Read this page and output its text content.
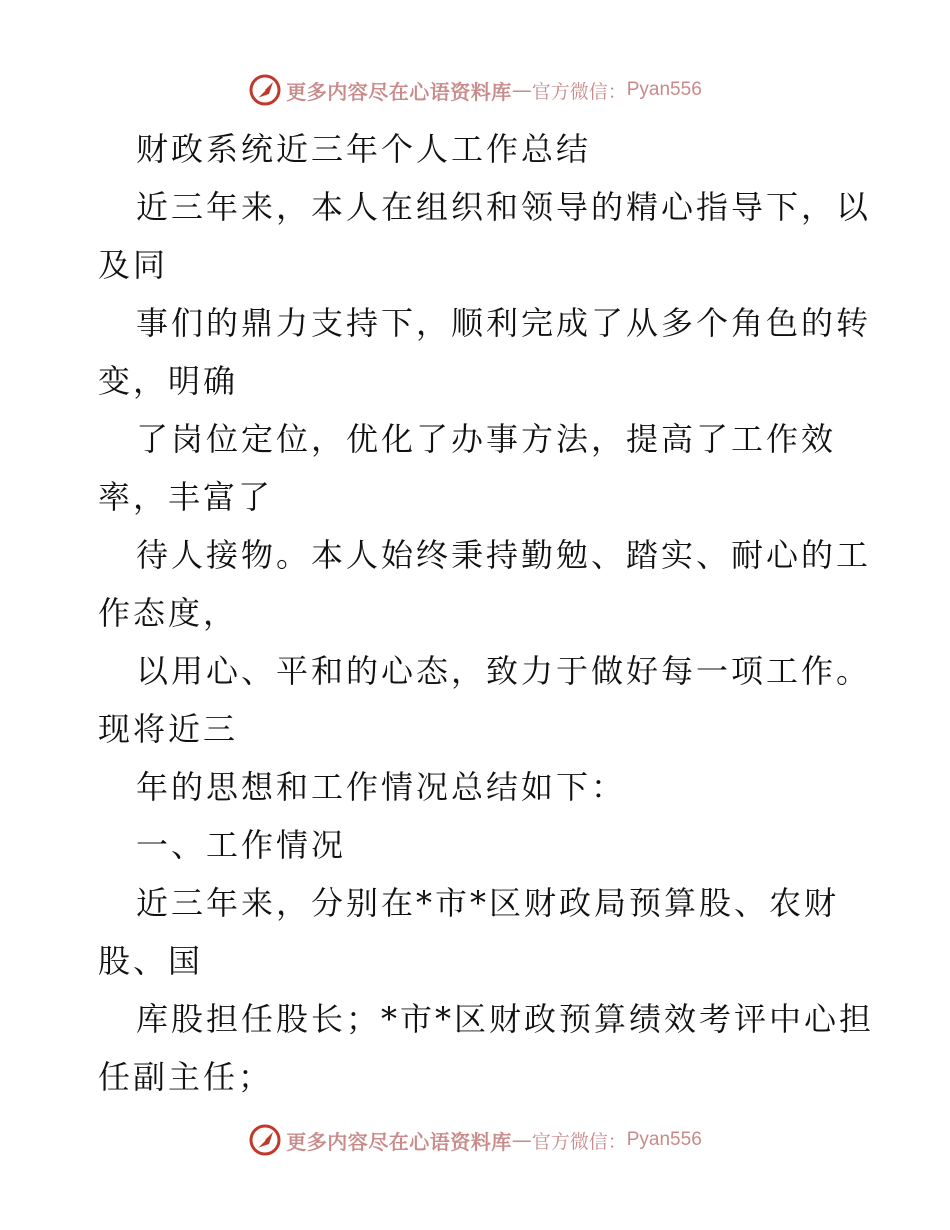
更多内容尽在心语资料库 — 官方微信： Pyan556
财政系统近三年个人工作总结
近三年来，本人在组织和领导的精心指导下，以
及同
事们的鼎力支持下，顺利完成了从多个角色的转
变，明确
了岗位定位，优化了办事方法，提高了工作效
率，丰富了
待人接物。本人始终秉持勤勉、踏实、耐心的工
作态度，
以用心、平和的心态，致力于做好每一项工作。
现将近三
年的思想和工作情况总结如下：
一、工作情况
近三年来，分别在*市*区财政局预算股、农财
股、国
库股担任股长；*市*区财政预算绩效考评中心担
任副主任；
更多内容尽在心语资料库 — 官方微信： Pyan556
